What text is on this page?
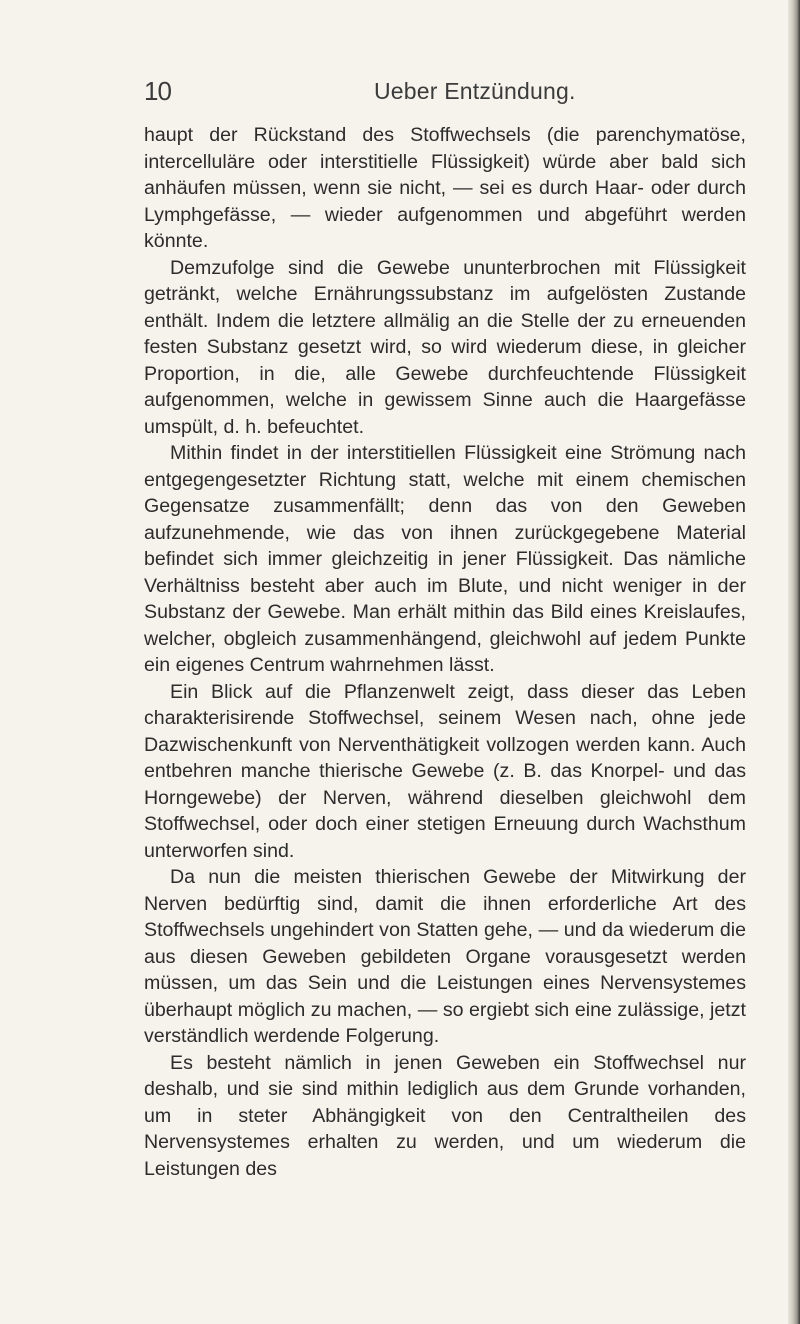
10	Ueber Entzündung.

haupt der Rückstand des Stoffwechsels (die parenchymatöse, intercelluläre oder interstitielle Flüssigkeit) würde aber bald sich anhäufen müssen, wenn sie nicht, — sei es durch Haar- oder durch Lymphgefässe, — wieder aufgenommen und abgeführt werden könnte.

Demzufolge sind die Gewebe ununterbrochen mit Flüssigkeit getränkt, welche Ernährungssubstanz im aufgelösten Zustande enthält. Indem die letztere allmälig an die Stelle der zu erneuenden festen Substanz gesetzt wird, so wird wiederum diese, in gleicher Proportion, in die, alle Gewebe durchfeuchtende Flüssigkeit aufgenommen, welche in gewissem Sinne auch die Haargefässe umspült, d. h. befeuchtet.

Mithin findet in der interstitiellen Flüssigkeit eine Strömung nach entgegengesetzter Richtung statt, welche mit einem chemischen Gegensatze zusammenfällt; denn das von den Geweben aufzunehmende, wie das von ihnen zurückgegebene Material befindet sich immer gleichzeitig in jener Flüssigkeit. Das nämliche Verhältniss besteht aber auch im Blute, und nicht weniger in der Substanz der Gewebe. Man erhält mithin das Bild eines Kreislaufes, welcher, obgleich zusammenhängend, gleichwohl auf jedem Punkte ein eigenes Centrum wahrnehmen lässt.

Ein Blick auf die Pflanzenwelt zeigt, dass dieser das Leben charakterisirende Stoffwechsel, seinem Wesen nach, ohne jede Dazwischenkunft von Nerventhätigkeit vollzogen werden kann. Auch entbehren manche thierische Gewebe (z. B. das Knorpel- und das Horngewebe) der Nerven, während dieselben gleichwohl dem Stoffwechsel, oder doch einer stetigen Erneuung durch Wachsthum unterworfen sind.

Da nun die meisten thierischen Gewebe der Mitwirkung der Nerven bedürftig sind, damit die ihnen erforderliche Art des Stoffwechsels ungehindert von Statten gehe, — und da wiederum die aus diesen Geweben gebildeten Organe vorausgesetzt werden müssen, um das Sein und die Leistungen eines Nervensystemes überhaupt möglich zu machen, — so ergiebt sich eine zulässige, jetzt verständlich werdende Folgerung.

Es besteht nämlich in jenen Geweben ein Stoffwechsel nur deshalb, und sie sind mithin lediglich aus dem Grunde vorhanden, um in steter Abhängigkeit von den Centraltheilen des Nervensystemes erhalten zu werden, und um wiederum die Leistungen des
